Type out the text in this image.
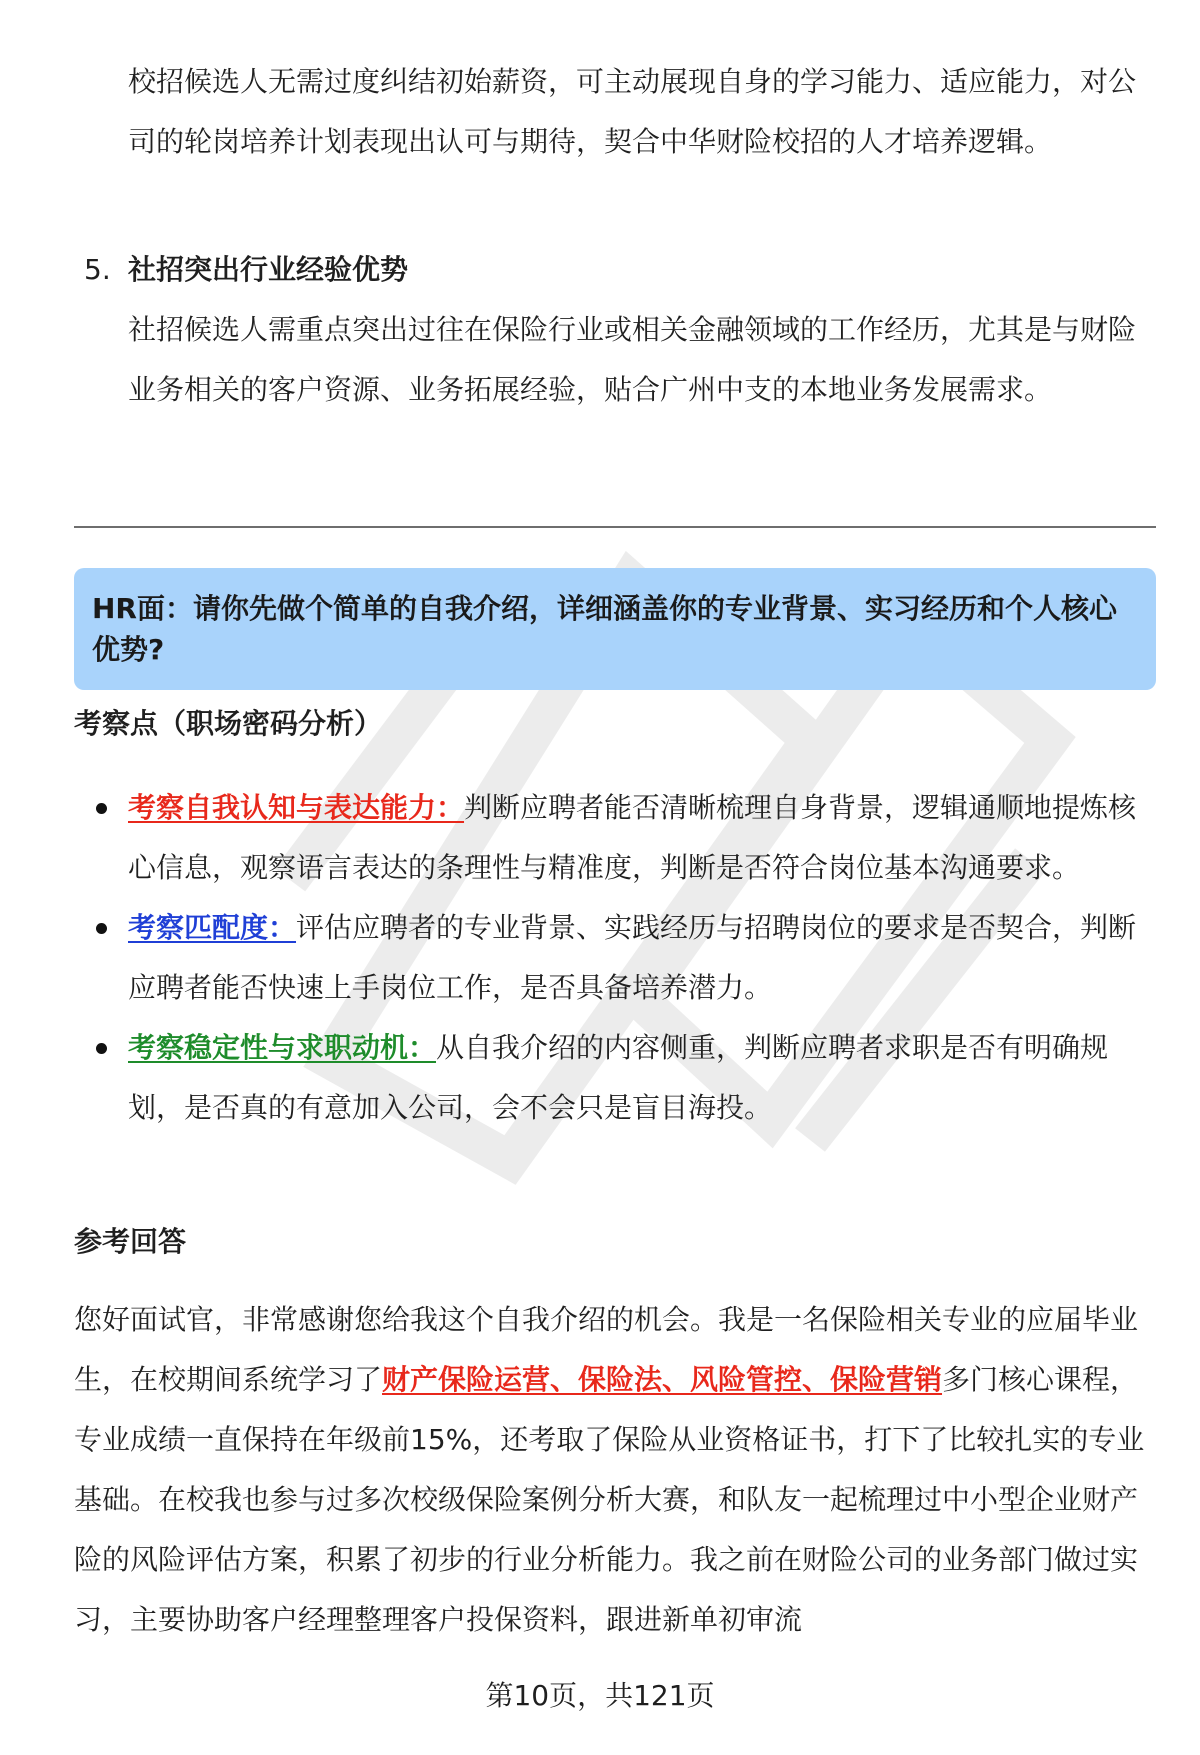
校招候选人无需过度纠结初始薪资，可主动展现自身的学习能力、适应能力，对公司的轮岗培养计划表现出认可与期待，契合中华财险校招的人才培养逻辑。

5. 社招突出行业经验优势

社招候选人需重点突出过往在保险行业或相关金融领域的工作经历，尤其是与财险业务相关的客户资源、业务拓展经验，贴合广州中支的本地业务发展需求。

HR面：请你先做个简单的自我介绍，详细涵盖你的专业背景、实习经历和个人核心优势?
考察点（职场密码分析）
考察自我认知与表达能力：判断应聘者能否清晰梳理自身背景，逻辑通顺地提炼核心信息，观察语言表达的条理性与精准度，判断是否符合岗位基本沟通要求。
考察匹配度：评估应聘者的专业背景、实践经历与招聘岗位的要求是否契合，判断应聘者能否快速上手岗位工作，是否具备培养潜力。
考察稳定性与求职动机：从自我介绍的内容侧重，判断应聘者求职是否有明确规划，是否真的有意加入公司，会不会只是盲目海投。
参考回答

您好面试官，非常感谢您给我这个自我介绍的机会。我是一名保险相关专业的应届毕业生，在校期间系统学习了财产保险运营、保险法、风险管控、保险营销多门核心课程，专业成绩一直保持在年级前15%，还考取了保险从业资格证书，打下了比较扎实的专业基础。在校我也参与过多次校级保险案例分析大赛，和队友一起梳理过中小型企业财产险的风险评估方案，积累了初步的行业分析能力。我之前在财险公司的业务部门做过实习，主要协助客户经理整理客户投保资料，跟进新单初审流

第10页，共121页
